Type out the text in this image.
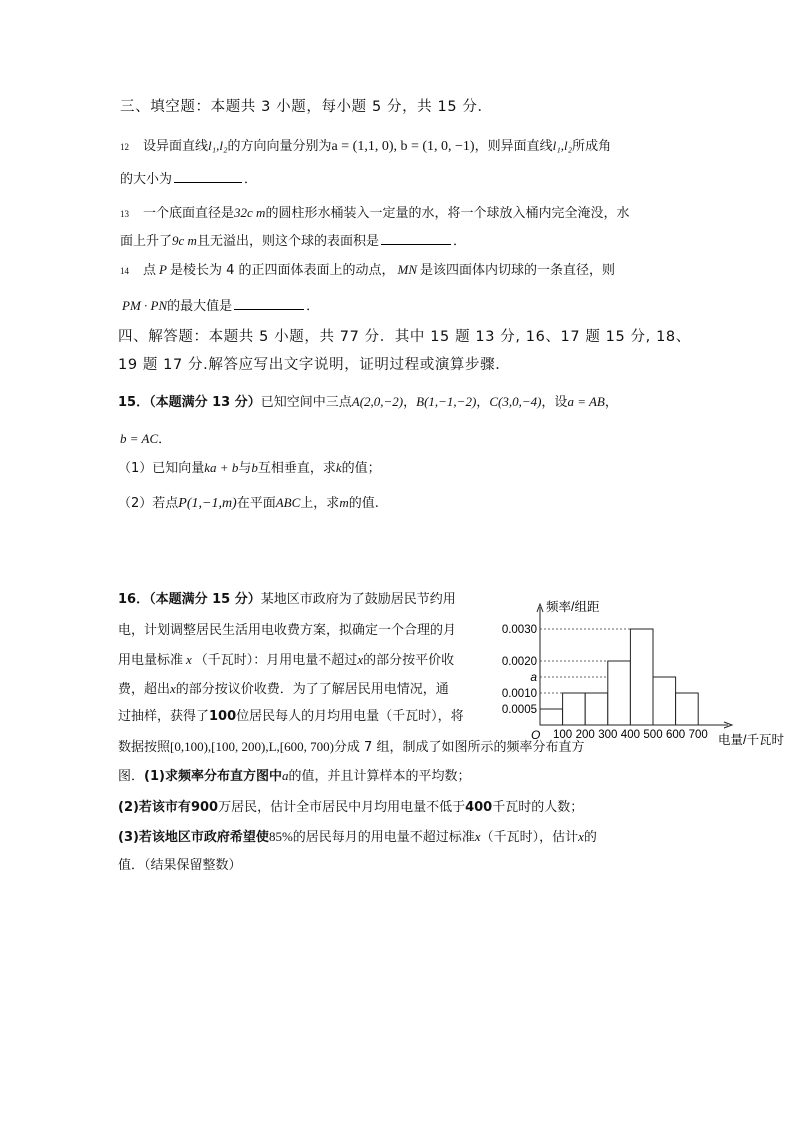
三、填空题：本题共 3 小题，每小题 5 分，共 15 分．
12 设异面直线l₁,l₂的方向向量分别为a = (1,1, 0), b = (1, 0, −1)，则异面直线l₁,l₂所成角
的大小为	．
13 一个底面直径是32c m的圆柱形水桶装入一定量的水，将一个球放入桶内完全淹没，水
面上升了9c m且无溢出，则这个球的表面积是	．
14 点 P 是棱长为 4 的正四面体表面上的动点， MN 是该四面体内切球的一条直径，则
PM · PN的最大值是	．
四、解答题：本题共 5 小题，共 77 分．其中 15 题 13 分, 16、17 题 15 分, 18、
19 题 17 分.解答应写出文字说明，证明过程或演算步骤．
15．（本题满分 13 分）已知空间中三点A(2,0,−2)，B(1,−1,−2)，C(3,0,−4)，设a = AB，
b = AC．
（1）已知向量ka + b与b互相垂直，求k的值；
（2）若点P(1,−1,m)在平面ABC上，求m的值.
16．（本题满分 15 分）某地区市政府为了鼓励居民节约用
电，计划调整居民生活用电收费方案，拟确定一个合理的月
用电量标准 x （千瓦时）：月用电量不超过x的部分按平价收
费，超出x的部分按议价收费．为了了解居民用电情况，通
过抽样，获得了100位居民每人的月均用电量（千瓦时），将
数据按照[0,100),[100, 200),L,[600, 700)分成 7 组，制成了如图所示的频率分布直方
图．(1)求频率分布直方图中a的值，并且计算样本的平均数；
(2)若该市有900万居民，估计全市居民中月均用电量不低于400千瓦时的人数；
(3)若该地区市政府希望使85%的居民每月的用电量不超过标准x（千瓦时），估计x的
值．（结果保留整数）
0.0030
0.0020
a
0.0010
0.0005
频率/组距
电量/千瓦时
O 100 200 300 400 500 600 700
